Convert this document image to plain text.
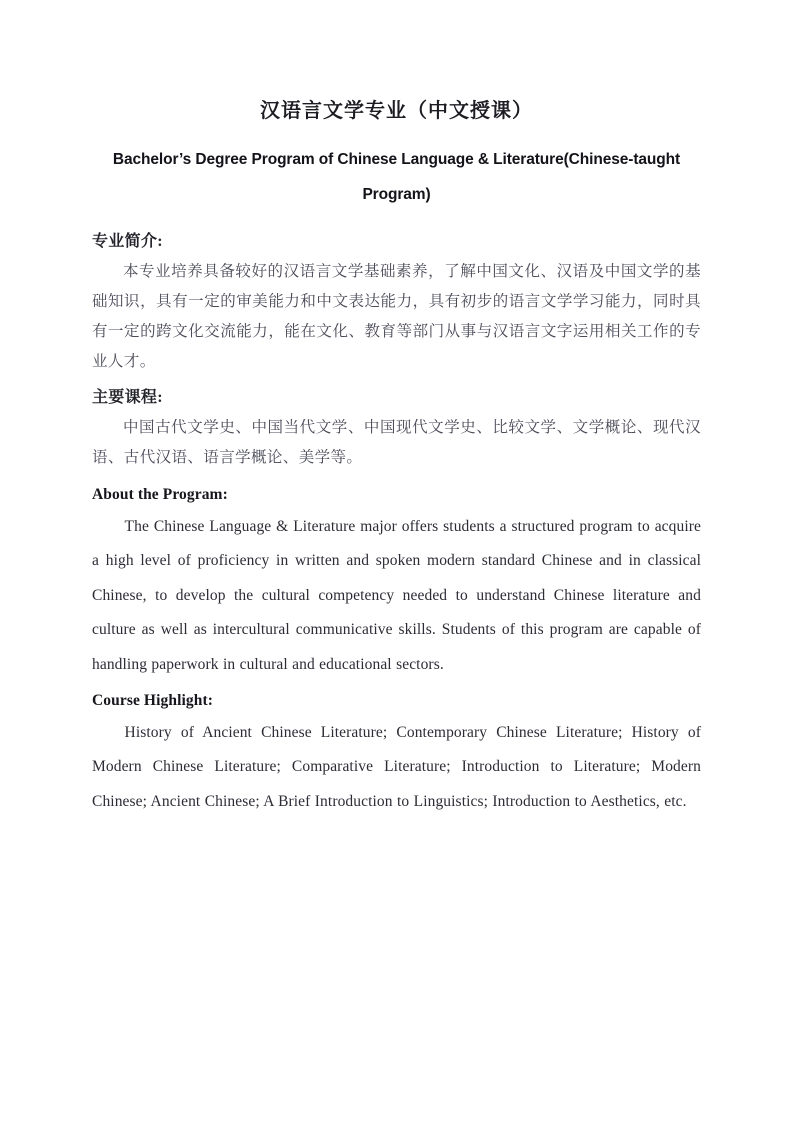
汉语言文学专业（中文授课）
Bachelor’s Degree Program of Chinese Language & Literature(Chinese-taught Program)
专业简介:

本专业培养具备较好的汉语言文学基础素养，了解中国文化、汉语及中国文学的基础知识，具有一定的审美能力和中文表达能力，具有初步的语言文学学习能力，同时具有一定的跨文化交流能力，能在文化、教育等部门从事与汉语言文字运用相关工作的专业人才。

主要课程:

中国古代文学史、中国当代文学、中国现代文学史、比较文学、文学概论、现代汉语、古代汉语、语言学概论、美学等。

About the Program:

The Chinese Language & Literature major offers students a structured program to acquire a high level of proficiency in written and spoken modern standard Chinese and in classical Chinese, to develop the cultural competency needed to understand Chinese literature and culture as well as intercultural communicative skills. Students of this program are capable of handling paperwork in cultural and educational sectors.

Course Highlight:

History of Ancient Chinese Literature; Contemporary Chinese Literature; History of Modern Chinese Literature; Comparative Literature; Introduction to Literature; Modern Chinese; Ancient Chinese; A Brief Introduction to Linguistics; Introduction to Aesthetics, etc.
